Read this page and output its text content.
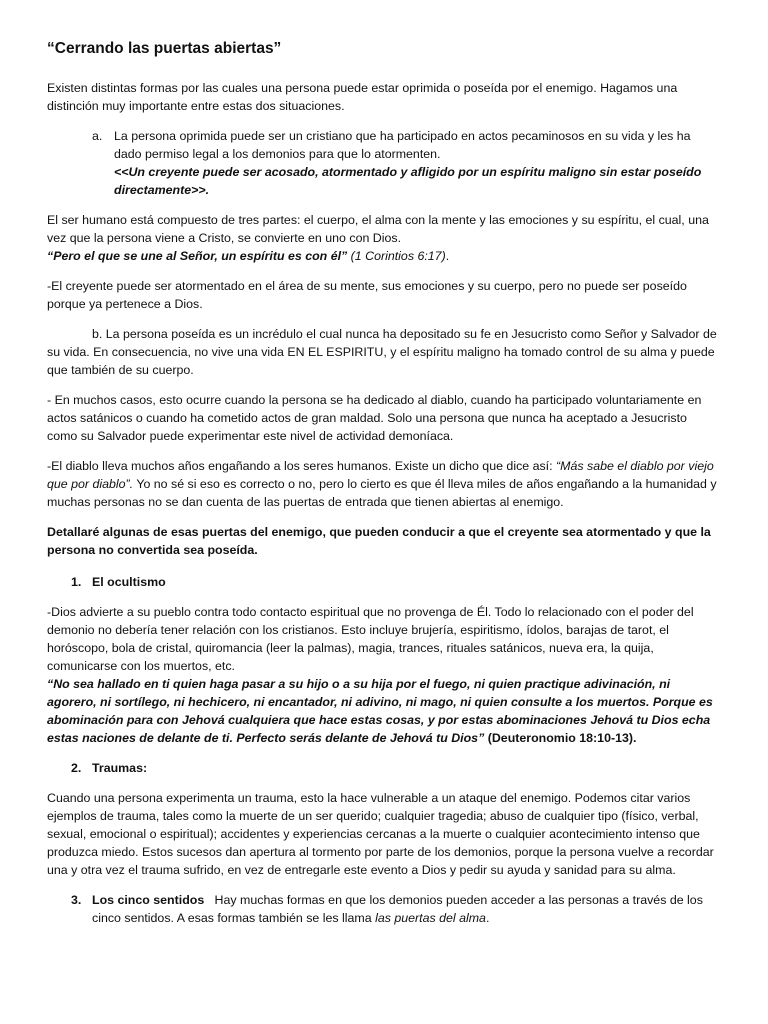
“Cerrando las puertas abiertas”

Existen distintas formas por las cuales una persona puede estar oprimida o poseída por el enemigo. Hagamos una distinción muy importante entre estas dos situaciones.

a. La persona oprimida puede ser un cristiano que ha participado en actos pecaminosos en su vida y les ha dado permiso legal a los demonios para que lo atormenten.
<<Un creyente puede ser acosado, atormentado y afligido por un espíritu maligno sin estar poseído directamente>>.

El ser humano está compuesto de tres partes: el cuerpo, el alma con la mente y las emociones y su espíritu, el cual, una vez que la persona viene a Cristo, se convierte en uno con Dios.
“Pero el que se une al Señor, un espíritu es con él” (1 Corintios 6:17).

-El creyente puede ser atormentado en el área de su mente, sus emociones y su cuerpo, pero no puede ser poseído porque ya pertenece a Dios.

b. La persona poseída es un incrédulo el cual nunca ha depositado su fe en Jesucristo como Señor y Salvador de su vida. En consecuencia, no vive una vida EN EL ESPIRITU, y el espíritu maligno ha tomado control de su alma y puede que también de su cuerpo.

- En muchos casos, esto ocurre cuando la persona se ha dedicado al diablo, cuando ha participado voluntariamente en actos satánicos o cuando ha cometido actos de gran maldad. Solo una persona que nunca ha aceptado a Jesucristo como su Salvador puede experimentar este nivel de actividad demoníaca.

-El diablo lleva muchos años engañando a los seres humanos. Existe un dicho que dice así: “Más sabe el diablo por viejo que por diablo”. Yo no sé si eso es correcto o no, pero lo cierto es que él lleva miles de años engañando a la humanidad y muchas personas no se dan cuenta de las puertas de entrada que tienen abiertas al enemigo.

Detallaré algunas de esas puertas del enemigo, que pueden conducir a que el creyente sea atormentado y que la persona no convertida sea poseída.

1. El ocultismo

-Dios advierte a su pueblo contra todo contacto espiritual que no provenga de Él. Todo lo relacionado con el poder del demonio no debería tener relación con los cristianos. Esto incluye brujería, espiritismo, ídolos, barajas de tarot, el horóscopo, bola de cristal, quiromancia (leer la palmas), magia, trances, rituales satánicos, nueva era, la quija, comunicarse con los muertos, etc.
“No sea hallado en ti quien haga pasar a su hijo o a su hija por el fuego, ni quien practique adivinación, ni agorero, ni sortílego, ni hechicero, ni encantador, ni adivino, ni mago, ni quien consulte a los muertos. Porque es abominación para con Jehová cualquiera que hace estas cosas, y por estas abominaciones Jehová tu Dios echa estas naciones de delante de ti. Perfecto serás delante de Jehová tu Dios” (Deuteronomio 18:10-13).

2. Traumas:

Cuando una persona experimenta un trauma, esto la hace vulnerable a un ataque del enemigo. Podemos citar varios ejemplos de trauma, tales como la muerte de un ser querido; cualquier tragedia; abuso de cualquier tipo (físico, verbal, sexual, emocional o espiritual); accidentes y experiencias cercanas a la muerte o cualquier acontecimiento intenso que produzca miedo. Estos sucesos dan apertura al tormento por parte de los demonios, porque la persona vuelve a recordar una y otra vez el trauma sufrido, en vez de entregarle este evento a Dios y pedir su ayuda y sanidad para su alma.

3. Los cinco sentidos   Hay muchas formas en que los demonios pueden acceder a las personas a través de los cinco sentidos. A esas formas también se les llama las puertas del alma.
